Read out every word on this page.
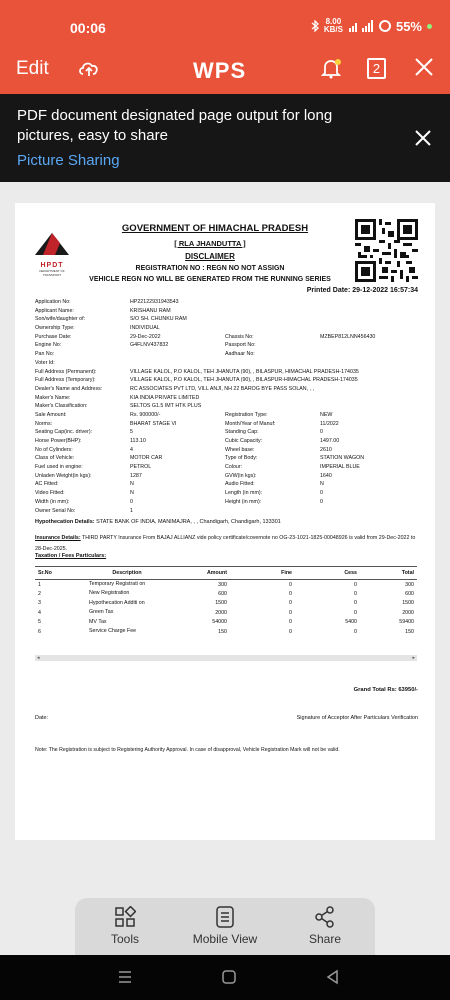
00:06	8.00
KB/S	55%
Edit	WPS	2
PDF document designated page output for long pictures, easy to share
Picture Sharing
HPDT
DEPARTMENT OF TRANSPORT
GOVERNMENT OF HIMACHAL PRADESH
[ RLA JHANDUTTA ]
DISCLAIMER
REGISTRATION NO : REGN NO NOT ASSIGN
VEHICLE REGN NO WILL BE GENERATED FROM THE RUNNING SERIES
Printed Date: 29-12-2022 16:57:34
Application No:	HP22122931943543
Applicant Name:	KRISHANU RAM
Son/wife/daughter of:	S/O SH. CHUNKU RAM
Ownership Type:	INDIVIDUAL
Purchase Date:	29-Dec-2022	Chassis No:	MZBEP812LNN456430
Engine No:	G4FLNV437832	Passport No:
Pan No:	Aadhaar No:
Voter Id:
Full Address (Permanent):	VILLAGE KALOL, P.O KALOL, TEH JHANUTA (90), , BILASPUR, HIMACHAL PRADESH-174035
Full Address (Temporary):	VILLAGE KALOL, P.O KALOL, TEH JHANUTA (90), , BILASPUR-HIMACHAL PRADESH-174035
Dealer's Name and Address:	RC ASSOCIATES PVT LTD, VILL ANJI, NH 22 BAROG BYE PASS SOLAN, , ,
Maker's Name:	KIA INDIA PRIVATE LIMITED
Maker's Classification:	SELTOS G1.5 IMT HTK PLUS
Sale Amount:	Rs. 900000/-	Registration Type:	NEW
Norms:	BHARAT STAGE VI	Month/Year of Manuf:	11/2022
Seating Cap(inc. driver):	5	Standing Cap:	0
Horse Power(BHP):	113.10	Cubic Capacity:	1497.00
No of Cylinders:	4	Wheel base:	2610
Class of Vehicle:	MOTOR CAR	Type of Body:	STATION WAGON
Fuel used in engine:	PETROL	Colour:	IMPERIAL BLUE
Unladen Weight(in kgs):	1287	GVW(in kgs):	1640
AC Fitted:	N	Audio Fitted:	N
Video Fitted:	N	Length (in mm):	0
Width (in mm):	0	Height (in mm):	0
Owner Serial No:	1
Hypothecation Details: STATE BANK OF INDIA, MANIMAJRA, , , Chandigarh, Chandigarh, 133301
Insurance Details: THIRD PARTY Insurance From BAJAJ ALLIANZ vide policy certificate/covernote no OG-23-1021-1825-00048926 is valid from 29-Dec-2022 to 28-Dec-2025.
Taxation / Fees Particulars:
Sr.No	Description	Amount	Fine	Cess	Total
1	Temporary Registrati on	300	0	0	300
2	New Registration	600	0	0	600
3	Hypothecation Additi on	1500	0	0	1500
4	Green Tax	2000	0	0	2000
5	MV Tax	54000	0	5400	59400
6	Service Charge Fee	150	0	0	150
◂	▸
Grand Total Rs: 63950/-
Date:	Signature of Acceptor After Particulars Verification
Note: The Registration is subject to Registering Authority Approval. In case of disapproval, Vehicle Registration Mark will not be valid.
Tools	Mobile View	Share
